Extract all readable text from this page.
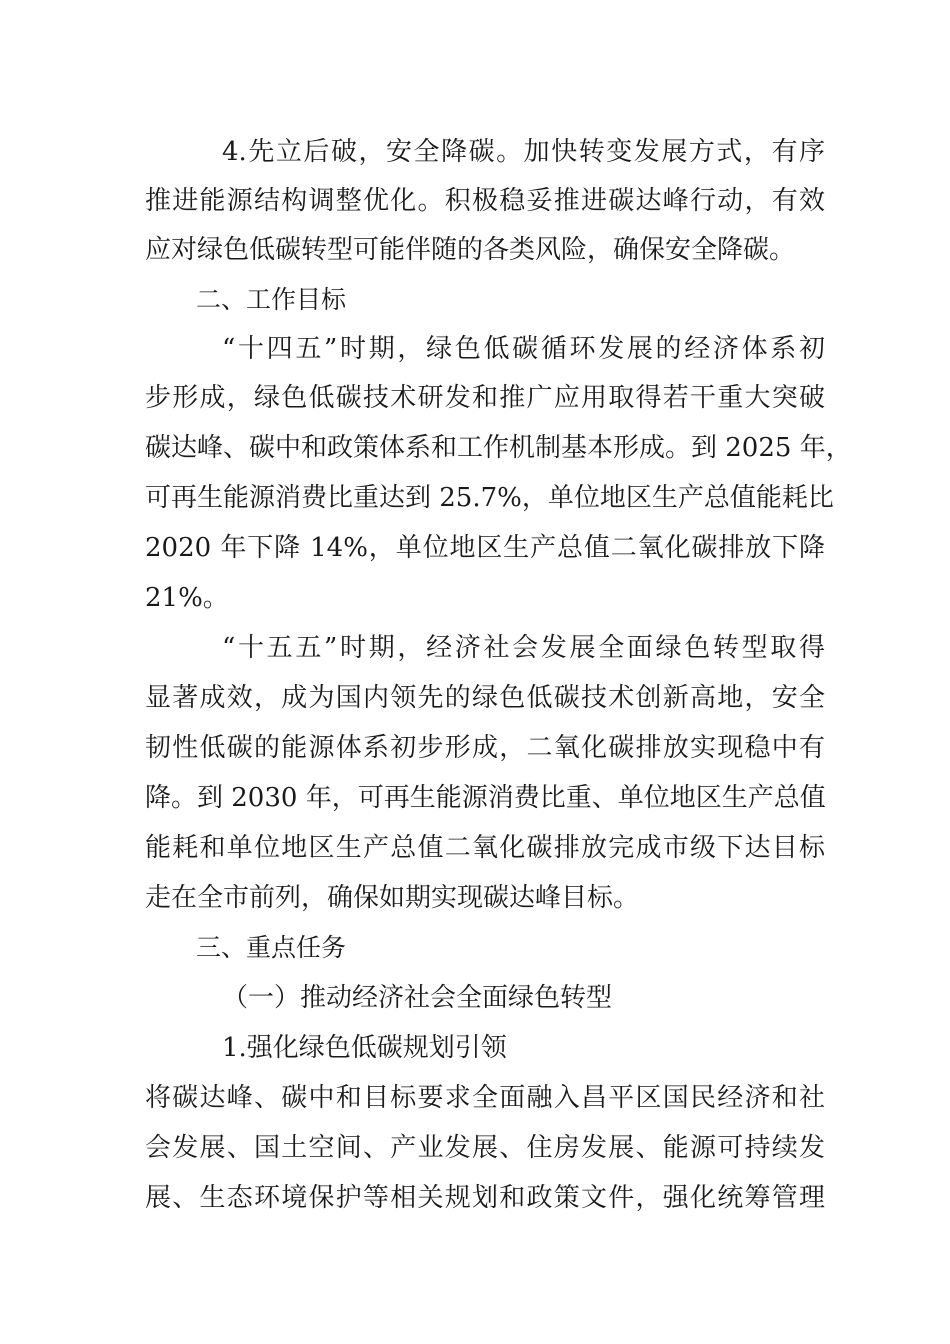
4.先立后破，安全降碳。加快转变发展方式，有序
推进能源结构调整优化。积极稳妥推进碳达峰行动，有效
应对绿色低碳转型可能伴随的各类风险，确保安全降碳。
二、工作目标
“十四五”时期，绿色低碳循环发展的经济体系初
步形成，绿色低碳技术研发和推广应用取得若干重大突破
碳达峰、碳中和政策体系和工作机制基本形成。到 2025 年，
可再生能源消费比重达到 25.7%，单位地区生产总值能耗比
2020 年下降 14%，单位地区生产总值二氧化碳排放下降
21%。
“十五五”时期，经济社会发展全面绿色转型取得
显著成效，成为国内领先的绿色低碳技术创新高地，安全
韧性低碳的能源体系初步形成，二氧化碳排放实现稳中有
降。到 2030 年，可再生能源消费比重、单位地区生产总值
能耗和单位地区生产总值二氧化碳排放完成市级下达目标
走在全市前列，确保如期实现碳达峰目标。
三、重点任务
（一）推动经济社会全面绿色转型
1.强化绿色低碳规划引领
将碳达峰、碳中和目标要求全面融入昌平区国民经济和社
会发展、国土空间、产业发展、住房发展、能源可持续发
展、生态环境保护等相关规划和政策文件，强化统筹管理
